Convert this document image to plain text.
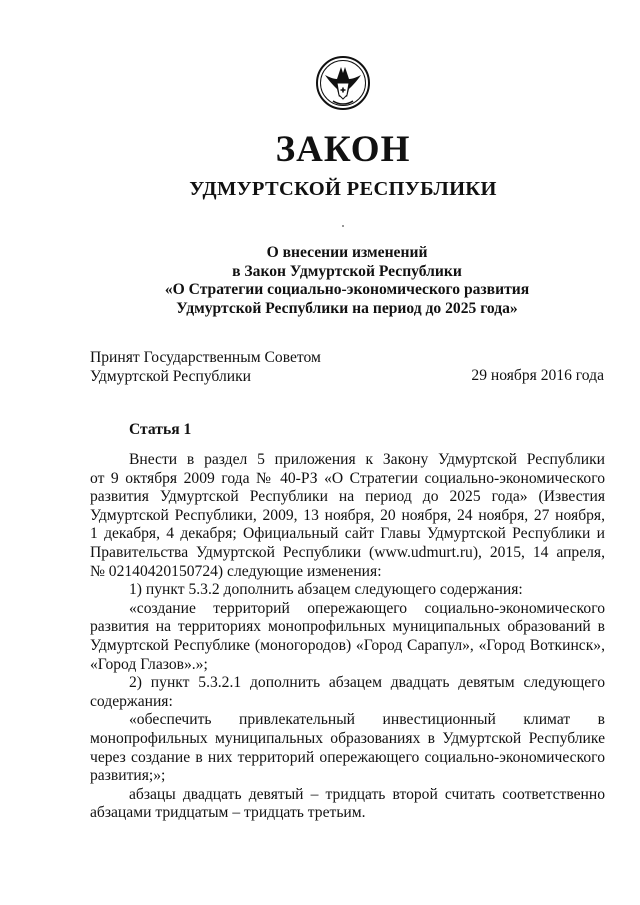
ЗАКОН
УДМУРТСКОЙ РЕСПУБЛИКИ
О внесении изменений
в Закон Удмуртской Республики
«О Стратегии социально-экономического развития
Удмуртской Республики на период до 2025 года»
Принят Государственным Советом
Удмуртской Республики	29 ноября 2016 года
Статья 1
Внести в раздел 5 приложения к Закону Удмуртской Республики
от 9 октября 2009 года № 40-РЗ «О Стратегии социально-экономического
развития Удмуртской Республики на период до 2025 года» (Известия
Удмуртской Республики, 2009, 13 ноября, 20 ноября, 24 ноября, 27 ноября,
1 декабря, 4 декабря; Официальный сайт Главы Удмуртской Республики и
Правительства Удмуртской Республики (www.udmurt.ru), 2015, 14 апреля,
№ 02140420150724) следующие изменения:
1) пункт 5.3.2 дополнить абзацем следующего содержания:
«создание территорий опережающего социально-экономического
развития на территориях монопрофильных муниципальных образований в
Удмуртской Республике (моногородов) «Город Сарапул», «Город Воткинск»,
«Город Глазов».»;
2) пункт 5.3.2.1 дополнить абзацем двадцать девятым следующего
содержания:
«обеспечить привлекательный инвестиционный климат в
монопрофильных муниципальных образованиях в Удмуртской Республике
через создание в них территорий опережающего социально-экономического
развития;»;
абзацы двадцать девятый – тридцать второй считать соответственно
абзацами тридцатым – тридцать третьим.
